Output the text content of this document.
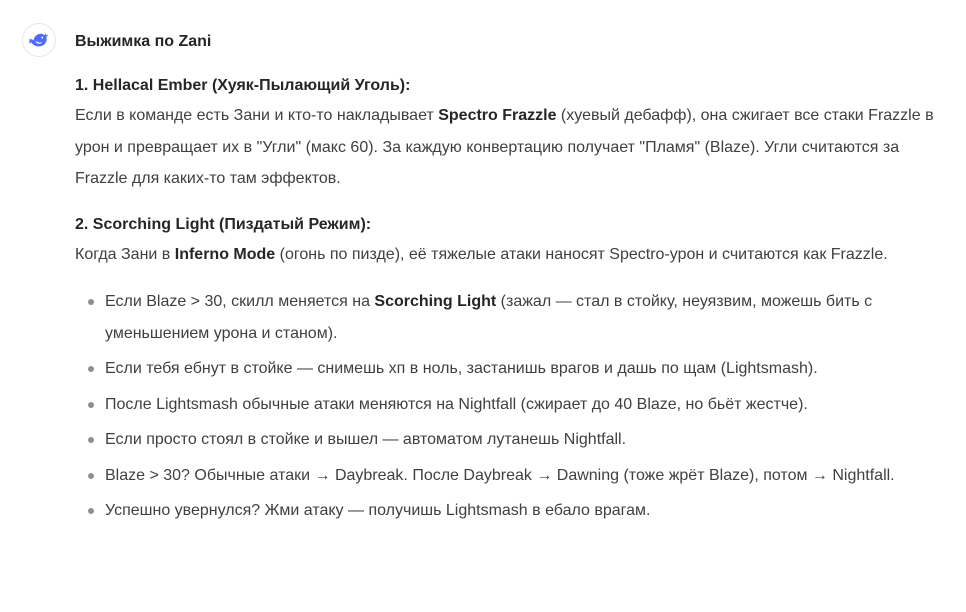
Выжимка по Zani
1. Hellacal Ember (Хуяк-Пылающий Уголь):

Если в команде есть Зани и кто-то накладывает Spectro Frazzle (хуевый дебафф), она сжигает все стаки Frazzle в урон и превращает их в "Угли" (макс 60). За каждую конвертацию получает "Пламя" (Blaze). Угли считаются за Frazzle для каких-то там эффектов.

2. Scorching Light (Пиздатый Режим):

Когда Зани в Inferno Mode (огонь по пизде), её тяжелые атаки наносят Spectro-урон и считаются как Frazzle.

Если Blaze > 30, скилл меняется на Scorching Light (зажал — стал в стойку, неуязвим, можешь бить с уменьшением урона и станом).
Если тебя ебнут в стойке — снимешь хп в ноль, застанишь врагов и дашь по щам (Lightsmash).
После Lightsmash обычные атаки меняются на Nightfall (сжирает до 40 Blaze, но бьёт жестче).
Если просто стоял в стойке и вышел — автоматом лутанешь Nightfall.
Blaze > 30? Обычные атаки → Daybreak. После Daybreak → Dawning (тоже жрёт Blaze), потом → Nightfall.
Успешно увернулся? Жми атаку — получишь Lightsmash в ебало врагам.
